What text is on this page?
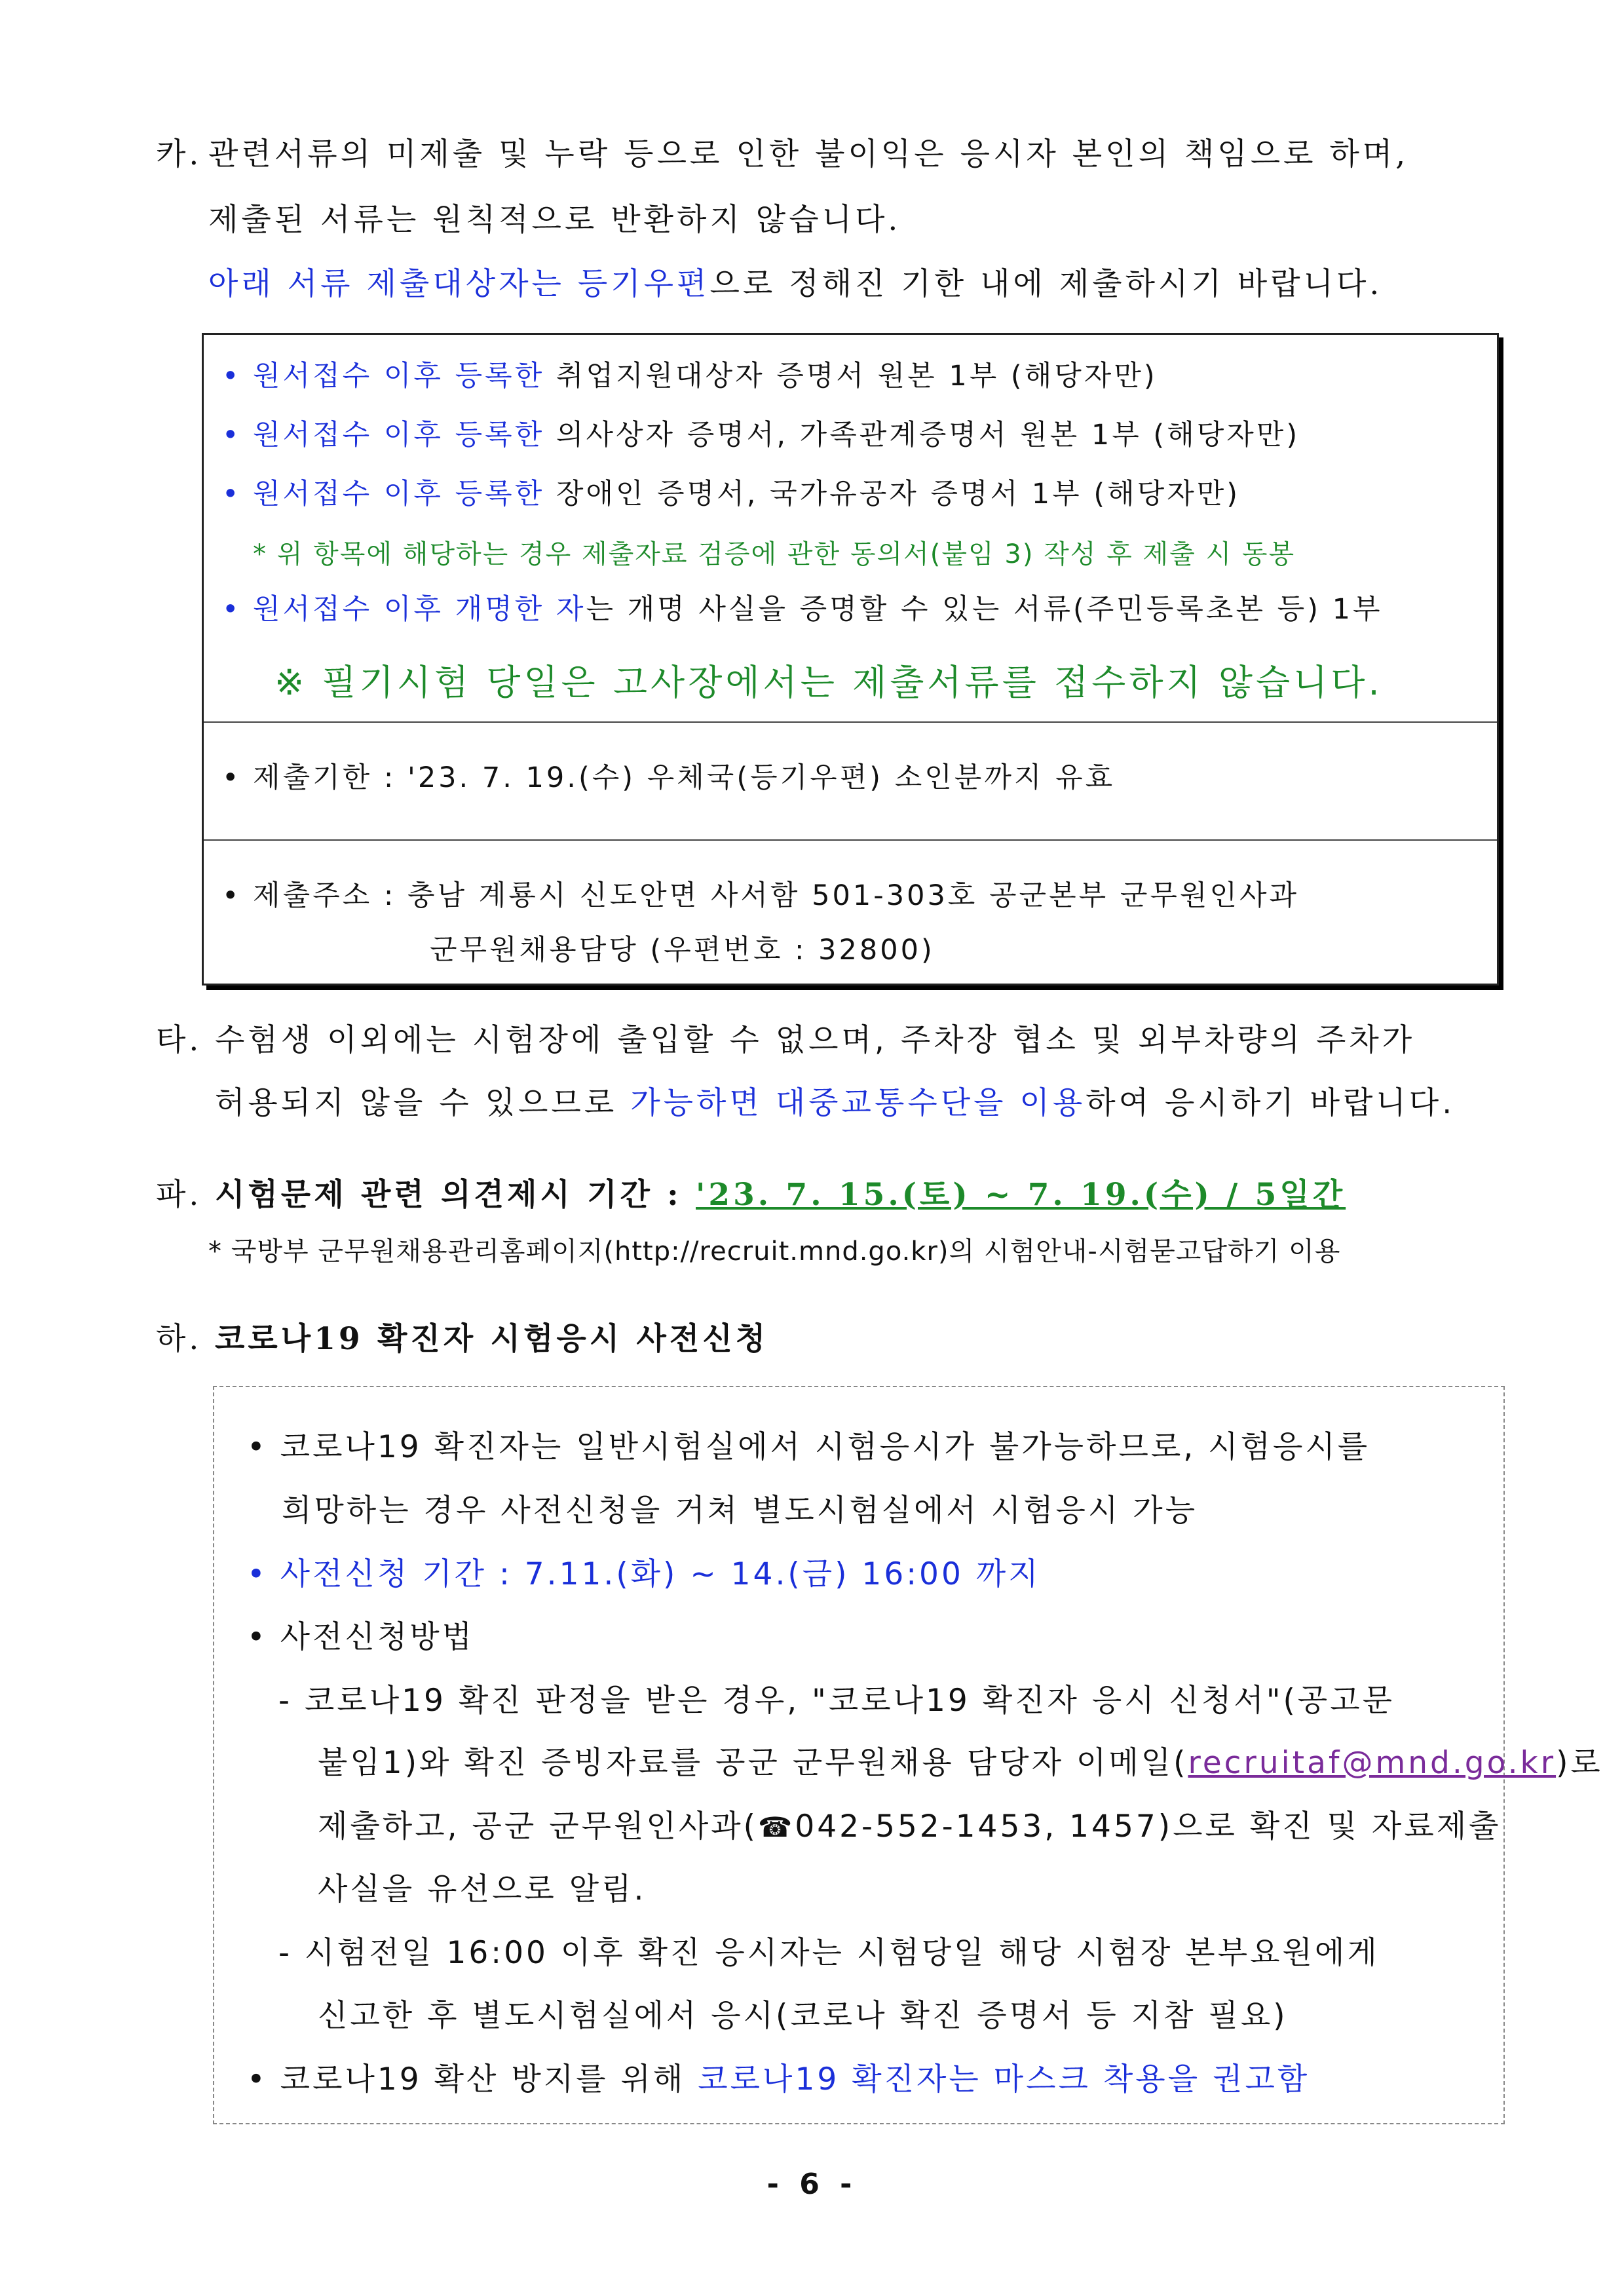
카. 관련서류의 미제출 및 누락 등으로 인한 불이익은 응시자 본인의 책임으로 하며,
제출된 서류는 원칙적으로 반환하지 않습니다.
아래 서류 제출대상자는 등기우편으로 정해진 기한 내에 제출하시기 바랍니다.
• 원서접수 이후 등록한 취업지원대상자 증명서 원본 1부 (해당자만)
• 원서접수 이후 등록한 의사상자 증명서, 가족관계증명서 원본 1부 (해당자만)
• 원서접수 이후 등록한 장애인 증명서, 국가유공자 증명서 1부 (해당자만)
* 위 항목에 해당하는 경우 제출자료 검증에 관한 동의서(붙임 3) 작성 후 제출 시 동봉
• 원서접수 이후 개명한 자는 개명 사실을 증명할 수 있는 서류(주민등록초본 등) 1부
※ 필기시험 당일은 고사장에서는 제출서류를 접수하지 않습니다.
• 제출기한 : '23. 7. 19.(수) 우체국(등기우편) 소인분까지 유효
• 제출주소 : 충남 계룡시 신도안면 사서함 501-303호 공군본부 군무원인사과
군무원채용담당 (우편번호 : 32800)
타. 수험생 이외에는 시험장에 출입할 수 없으며, 주차장 협소 및 외부차량의 주차가
허용되지 않을 수 있으므로 가능하면 대중교통수단을 이용하여 응시하기 바랍니다.
파. 시험문제 관련 의견제시 기간 : '23. 7. 15.(토) ~ 7. 19.(수) / 5일간
* 국방부 군무원채용관리홈페이지(http://recruit.mnd.go.kr)의 시험안내-시험묻고답하기 이용
하. 코로나19 확진자 시험응시 사전신청
• 코로나19 확진자는 일반시험실에서 시험응시가 불가능하므로, 시험응시를
희망하는 경우 사전신청을 거쳐 별도시험실에서 시험응시 가능
• 사전신청 기간 : 7.11.(화) ~ 14.(금) 16:00 까지
• 사전신청방법
- 코로나19 확진 판정을 받은 경우, "코로나19 확진자 응시 신청서"(공고문
붙임1)와 확진 증빙자료를 공군 군무원채용 담당자 이메일(recruitaf@mnd.go.kr)로
제출하고, 공군 군무원인사과(☎042-552-1453, 1457)으로 확진 및 자료제출
사실을 유선으로 알림.
- 시험전일 16:00 이후 확진 응시자는 시험당일 해당 시험장 본부요원에게
신고한 후 별도시험실에서 응시(코로나 확진 증명서 등 지참 필요)
• 코로나19 확산 방지를 위해 코로나19 확진자는 마스크 착용을 권고함
- 6 -
